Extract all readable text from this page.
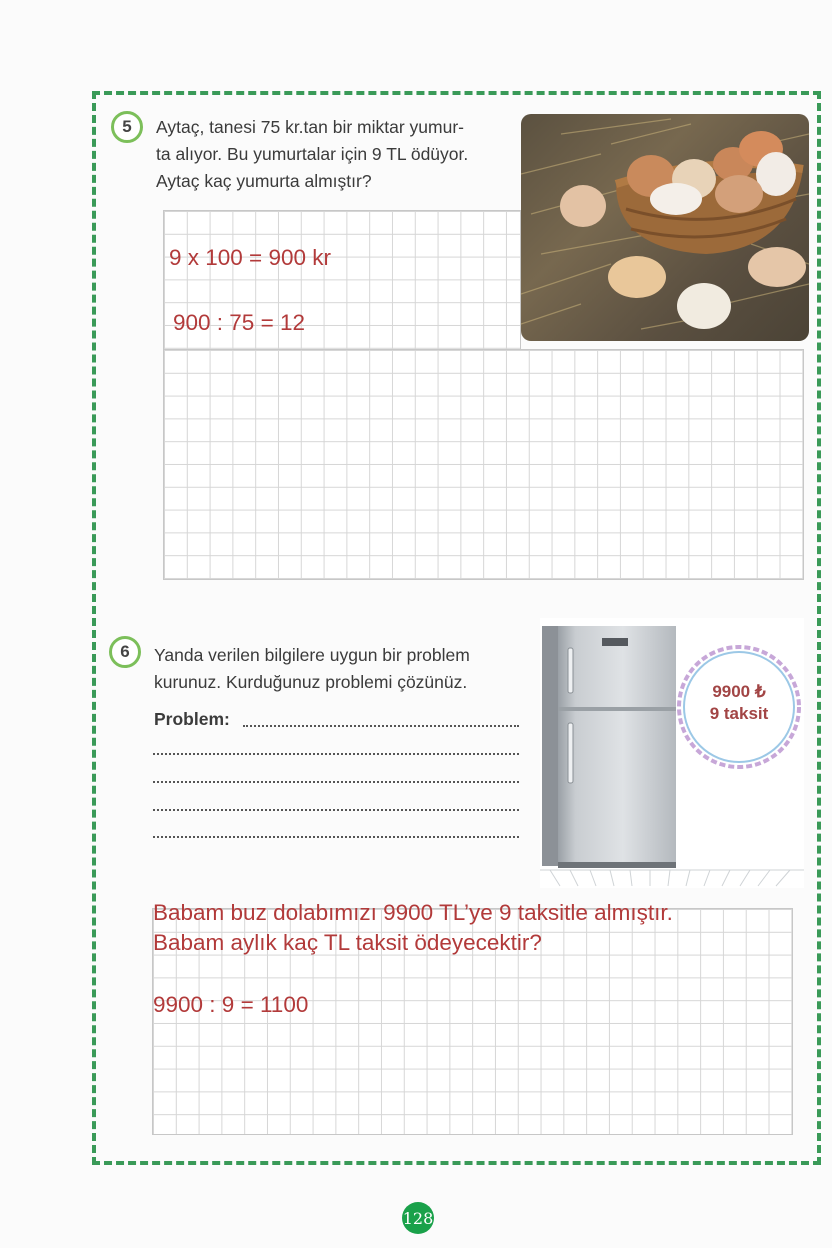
5	Aytaç, tanesi 75 kr.tan bir miktar yumur-
ta alıyor. Bu yumurtalar için 9 TL ödüyor.
Aytaç kaç yumurta almıştır?
9 x 100 = 900 kr
900 : 75 = 12
6	Yanda verilen bilgilere uygun bir problem
kurunuz. Kurduğunuz problemi çözünüz.
Problem:
9900 ₺
9 taksit
Babam buz dolabımızı 9900 TL’ye 9 taksitle almıştır.
Babam aylık kaç TL taksit ödeyecektir?
9900 : 9 = 1100
128
